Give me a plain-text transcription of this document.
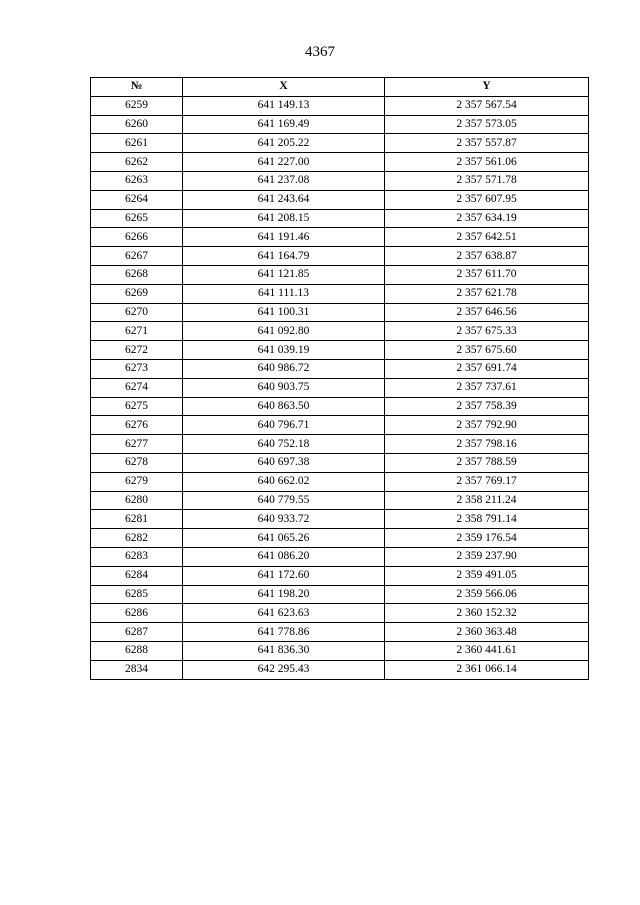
4367
№	X	Y
6259	641 149.13	2 357 567.54
6260	641 169.49	2 357 573.05
6261	641 205.22	2 357 557.87
6262	641 227.00	2 357 561.06
6263	641 237.08	2 357 571.78
6264	641 243.64	2 357 607.95
6265	641 208.15	2 357 634.19
6266	641 191.46	2 357 642.51
6267	641 164.79	2 357 638.87
6268	641 121.85	2 357 611.70
6269	641 111.13	2 357 621.78
6270	641 100.31	2 357 646.56
6271	641 092.80	2 357 675.33
6272	641 039.19	2 357 675.60
6273	640 986.72	2 357 691.74
6274	640 903.75	2 357 737.61
6275	640 863.50	2 357 758.39
6276	640 796.71	2 357 792.90
6277	640 752.18	2 357 798.16
6278	640 697.38	2 357 788.59
6279	640 662.02	2 357 769.17
6280	640 779.55	2 358 211.24
6281	640 933.72	2 358 791.14
6282	641 065.26	2 359 176.54
6283	641 086.20	2 359 237.90
6284	641 172.60	2 359 491.05
6285	641 198.20	2 359 566.06
6286	641 623.63	2 360 152.32
6287	641 778.86	2 360 363.48
6288	641 836.30	2 360 441.61
2834	642 295.43	2 361 066.14
